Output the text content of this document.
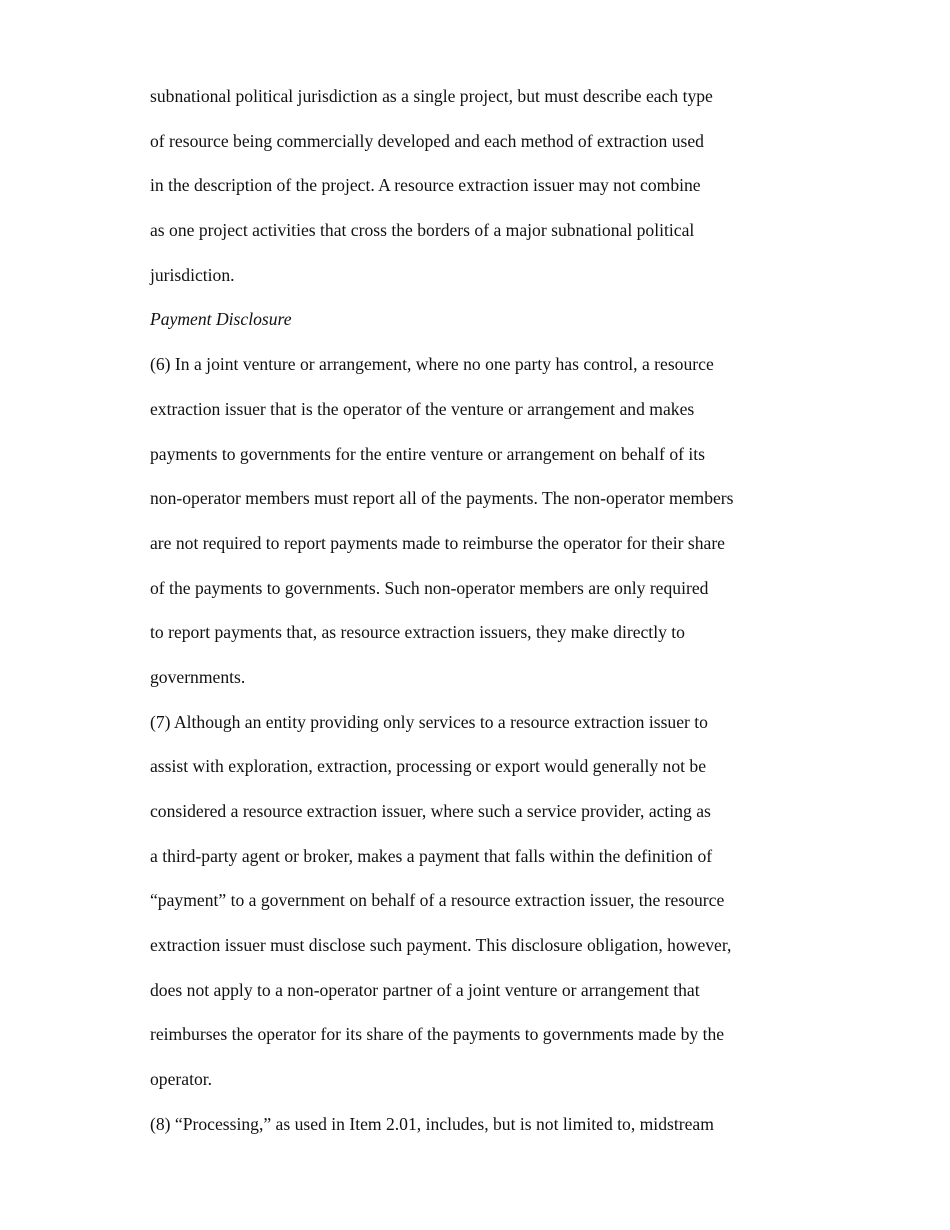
subnational political jurisdiction as a single project, but must describe each type
of resource being commercially developed and each method of extraction used
in the description of the project. A resource extraction issuer may not combine
as one project activities that cross the borders of a major subnational political
jurisdiction.
Payment Disclosure
(6) In a joint venture or arrangement, where no one party has control, a resource
extraction issuer that is the operator of the venture or arrangement and makes
payments to governments for the entire venture or arrangement on behalf of its
non-operator members must report all of the payments. The non-operator members
are not required to report payments made to reimburse the operator for their share
of the payments to governments. Such non-operator members are only required
to report payments that, as resource extraction issuers, they make directly to
governments.
(7) Although an entity providing only services to a resource extraction issuer to
assist with exploration, extraction, processing or export would generally not be
considered a resource extraction issuer, where such a service provider, acting as
a third-party agent or broker, makes a payment that falls within the definition of
“payment” to a government on behalf of a resource extraction issuer, the resource
extraction issuer must disclose such payment. This disclosure obligation, however,
does not apply to a non-operator partner of a joint venture or arrangement that
reimburses the operator for its share of the payments to governments made by the
operator.
(8) “Processing,” as used in Item 2.01, includes, but is not limited to, midstream
